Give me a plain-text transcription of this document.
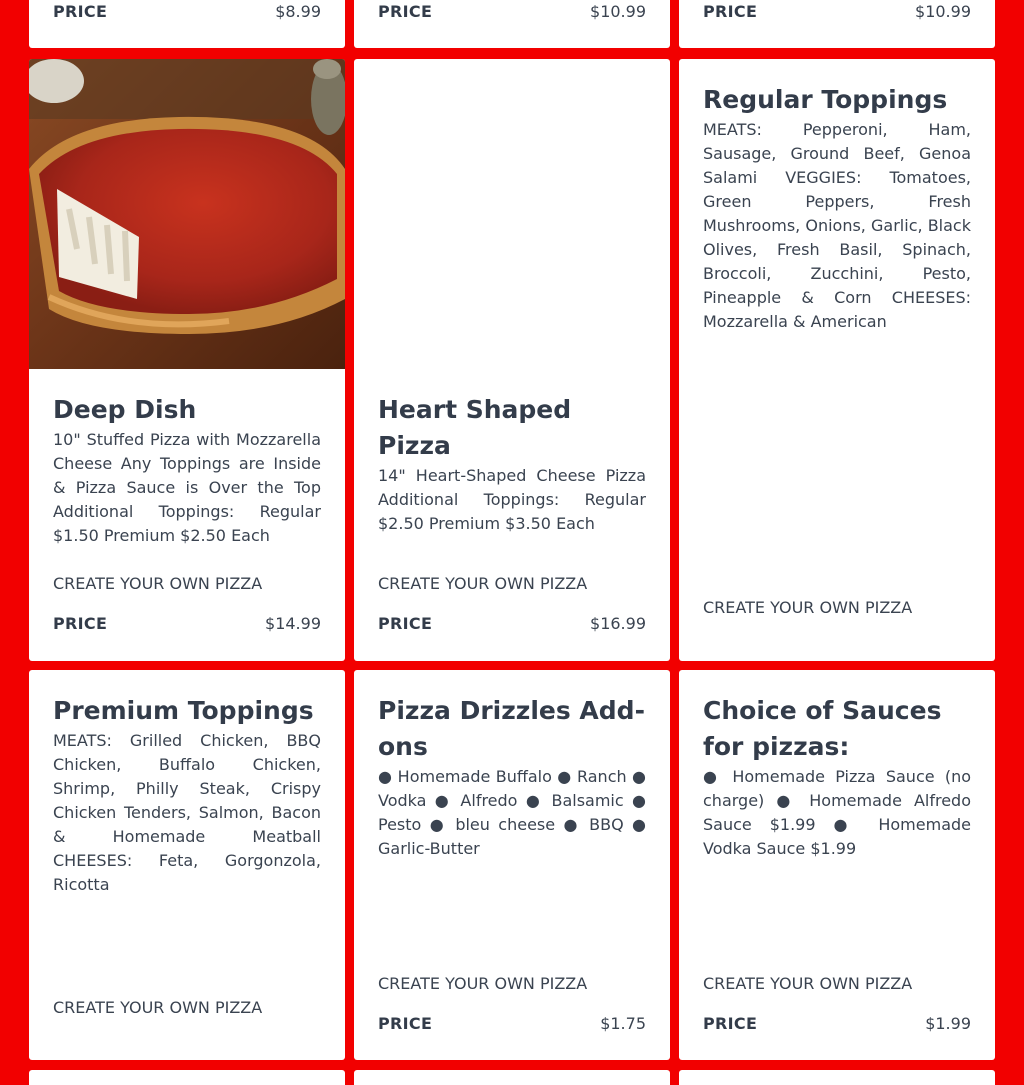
PRICE	$8.99	PRICE	$10.99	PRICE	$10.99
Deep Dish
10" Stuffed Pizza with Mozzarella Cheese Any Toppings are Inside & Pizza Sauce is Over the Top Additional Toppings: Regular $1.50 Premium $2.50 Each
CREATE YOUR OWN PIZZA
PRICE	$14.99
Heart Shaped Pizza
14" Heart-Shaped Cheese Pizza Additional Toppings: Regular $2.50 Premium $3.50 Each
CREATE YOUR OWN PIZZA
PRICE	$16.99
Regular Toppings
MEATS: Pepperoni, Ham, Sausage, Ground Beef, Genoa Salami VEGGIES: Tomatoes, Green Peppers, Fresh Mushrooms, Onions, Garlic, Black Olives, Fresh Basil, Spinach, Broccoli, Zucchini, Pesto, Pineapple & Corn CHEESES: Mozzarella & American
CREATE YOUR OWN PIZZA
Premium Toppings
MEATS: Grilled Chicken, BBQ Chicken, Buffalo Chicken, Shrimp, Philly Steak, Crispy Chicken Tenders, Salmon, Bacon & Homemade Meatball CHEESES: Feta, Gorgonzola, Ricotta
CREATE YOUR OWN PIZZA
Pizza Drizzles Add-ons
● Homemade Buffalo ● Ranch ● Vodka ● Alfredo ● Balsamic ● Pesto ● bleu cheese ● BBQ ● Garlic-Butter
CREATE YOUR OWN PIZZA
PRICE	$1.75
Choice of Sauces for pizzas:
● Homemade Pizza Sauce (no charge) ● Homemade Alfredo Sauce $1.99 ● Homemade Vodka Sauce $1.99
CREATE YOUR OWN PIZZA
PRICE	$1.99
